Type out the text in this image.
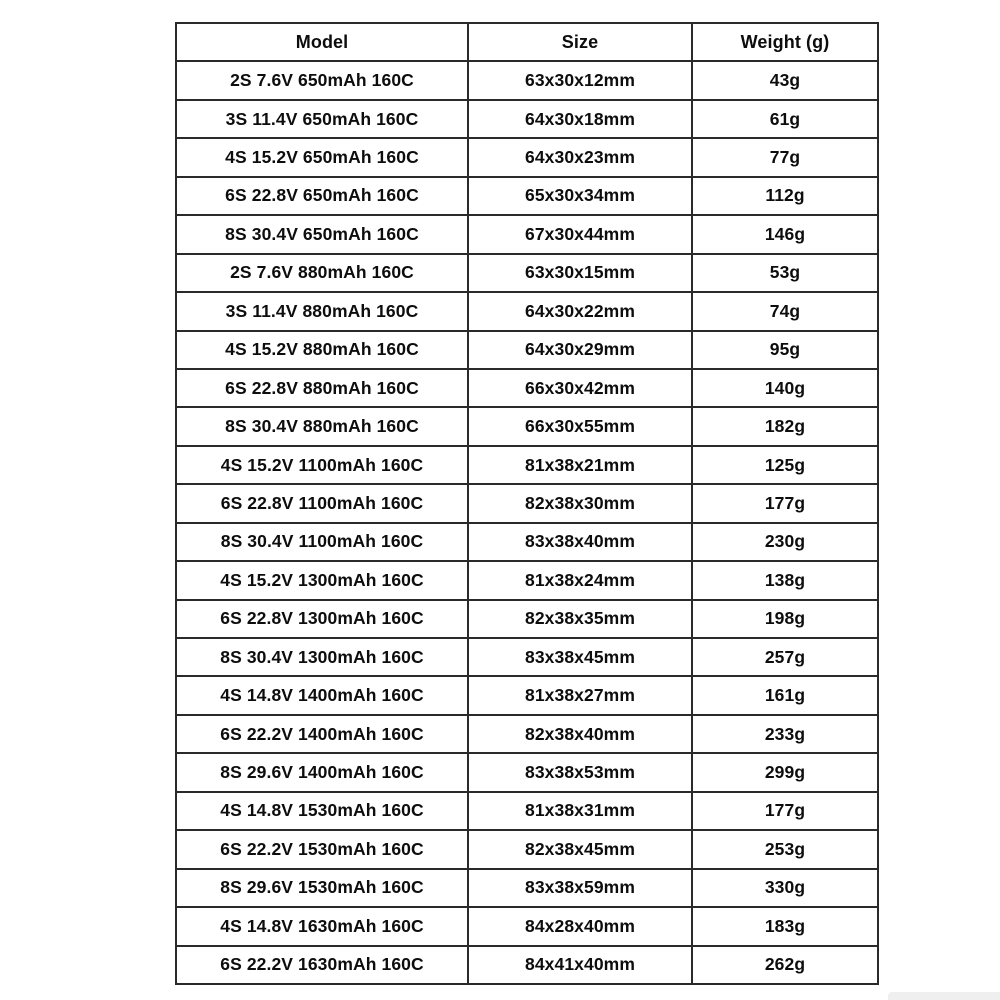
Model	Size	Weight (g)
2S 7.6V 650mAh 160C	63x30x12mm	43g
3S 11.4V 650mAh 160C	64x30x18mm	61g
4S 15.2V 650mAh 160C	64x30x23mm	77g
6S 22.8V 650mAh 160C	65x30x34mm	112g
8S 30.4V 650mAh 160C	67x30x44mm	146g
2S 7.6V 880mAh 160C	63x30x15mm	53g
3S 11.4V 880mAh 160C	64x30x22mm	74g
4S 15.2V 880mAh 160C	64x30x29mm	95g
6S 22.8V 880mAh 160C	66x30x42mm	140g
8S 30.4V 880mAh 160C	66x30x55mm	182g
4S 15.2V 1100mAh 160C	81x38x21mm	125g
6S 22.8V 1100mAh 160C	82x38x30mm	177g
8S 30.4V 1100mAh 160C	83x38x40mm	230g
4S 15.2V 1300mAh 160C	81x38x24mm	138g
6S 22.8V 1300mAh 160C	82x38x35mm	198g
8S 30.4V 1300mAh 160C	83x38x45mm	257g
4S 14.8V 1400mAh 160C	81x38x27mm	161g
6S 22.2V 1400mAh 160C	82x38x40mm	233g
8S 29.6V 1400mAh 160C	83x38x53mm	299g
4S 14.8V 1530mAh 160C	81x38x31mm	177g
6S 22.2V 1530mAh 160C	82x38x45mm	253g
8S 29.6V 1530mAh 160C	83x38x59mm	330g
4S 14.8V 1630mAh 160C	84x28x40mm	183g
6S 22.2V 1630mAh 160C	84x41x40mm	262g
